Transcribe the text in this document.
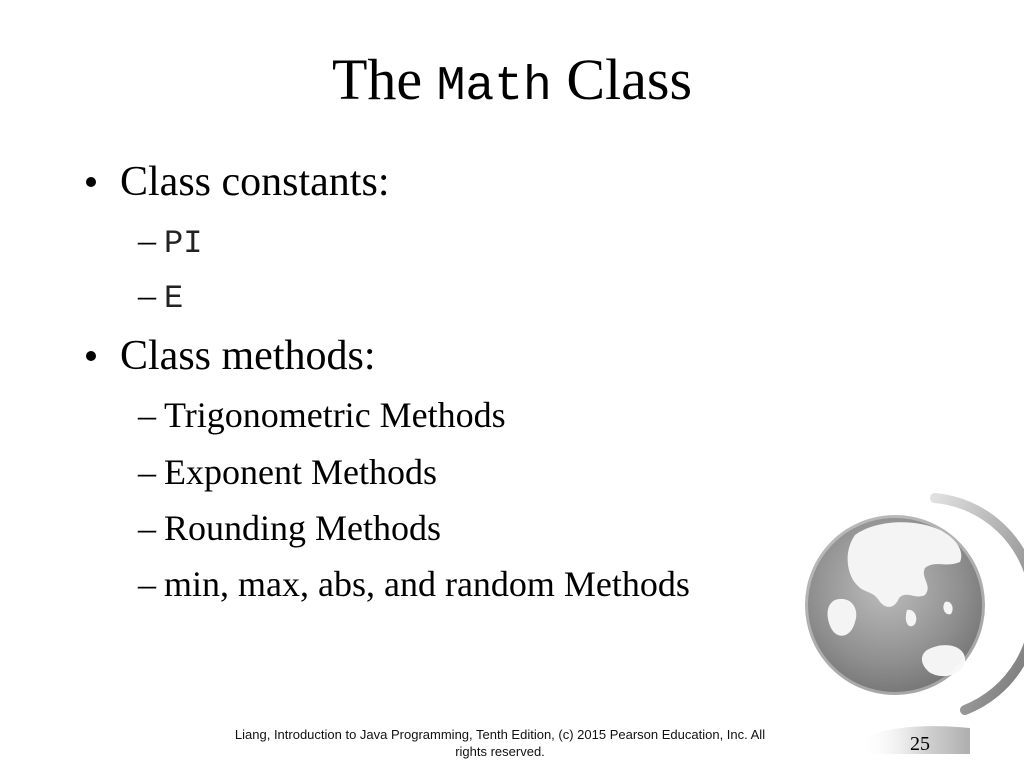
The Math Class
Class constants:
– PI
– E
Class methods:
– Trigonometric Methods
– Exponent Methods
– Rounding Methods
– min, max, abs, and random Methods
Liang, Introduction to Java Programming, Tenth Edition, (c) 2015 Pearson Education, Inc. All
rights reserved.	25
